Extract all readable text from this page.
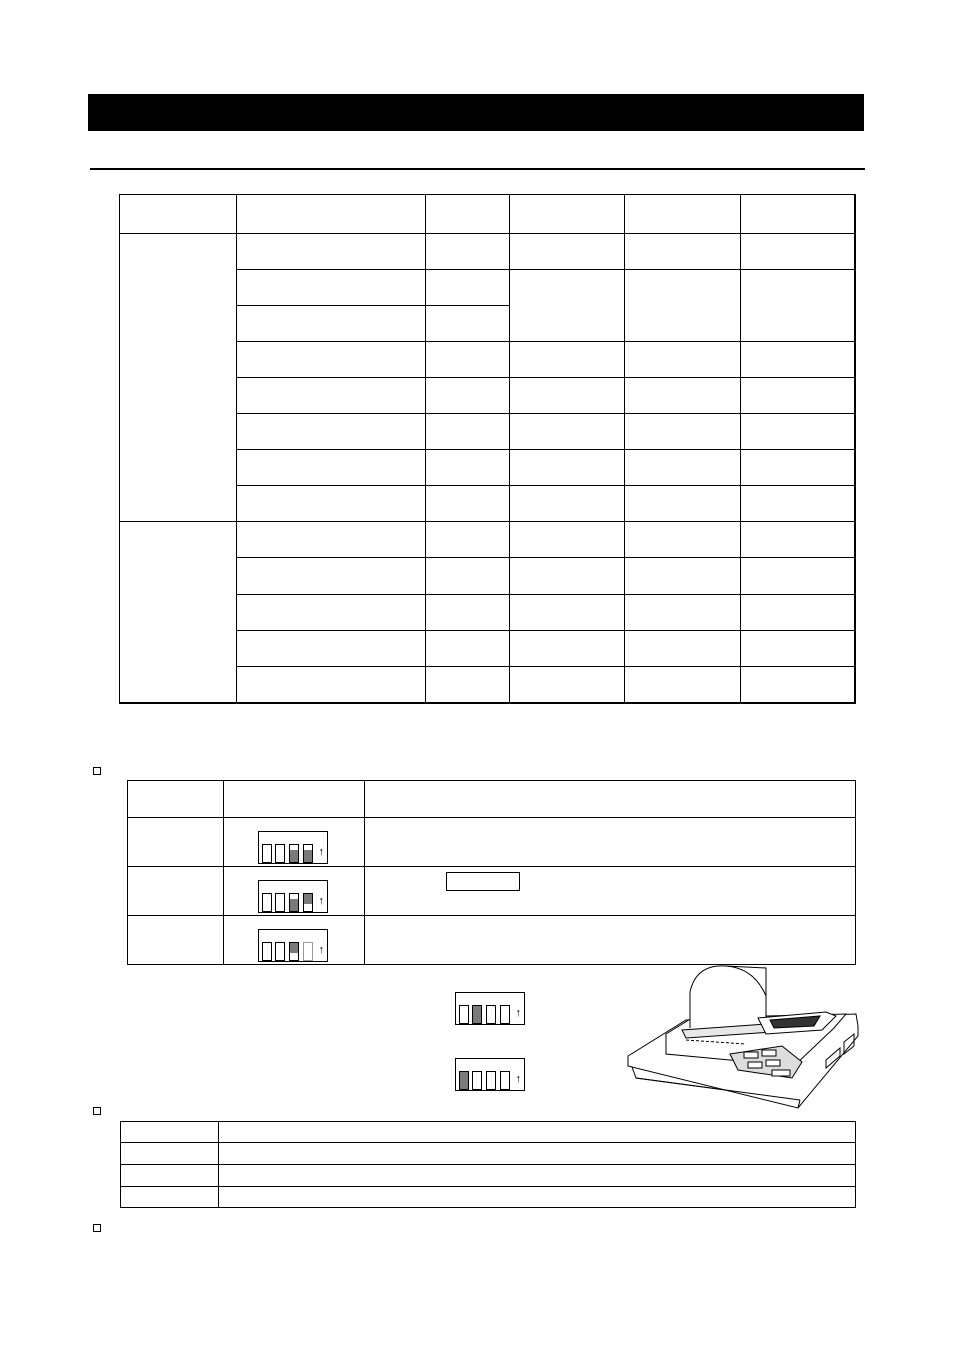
↑
↑
↑
↑
↑
